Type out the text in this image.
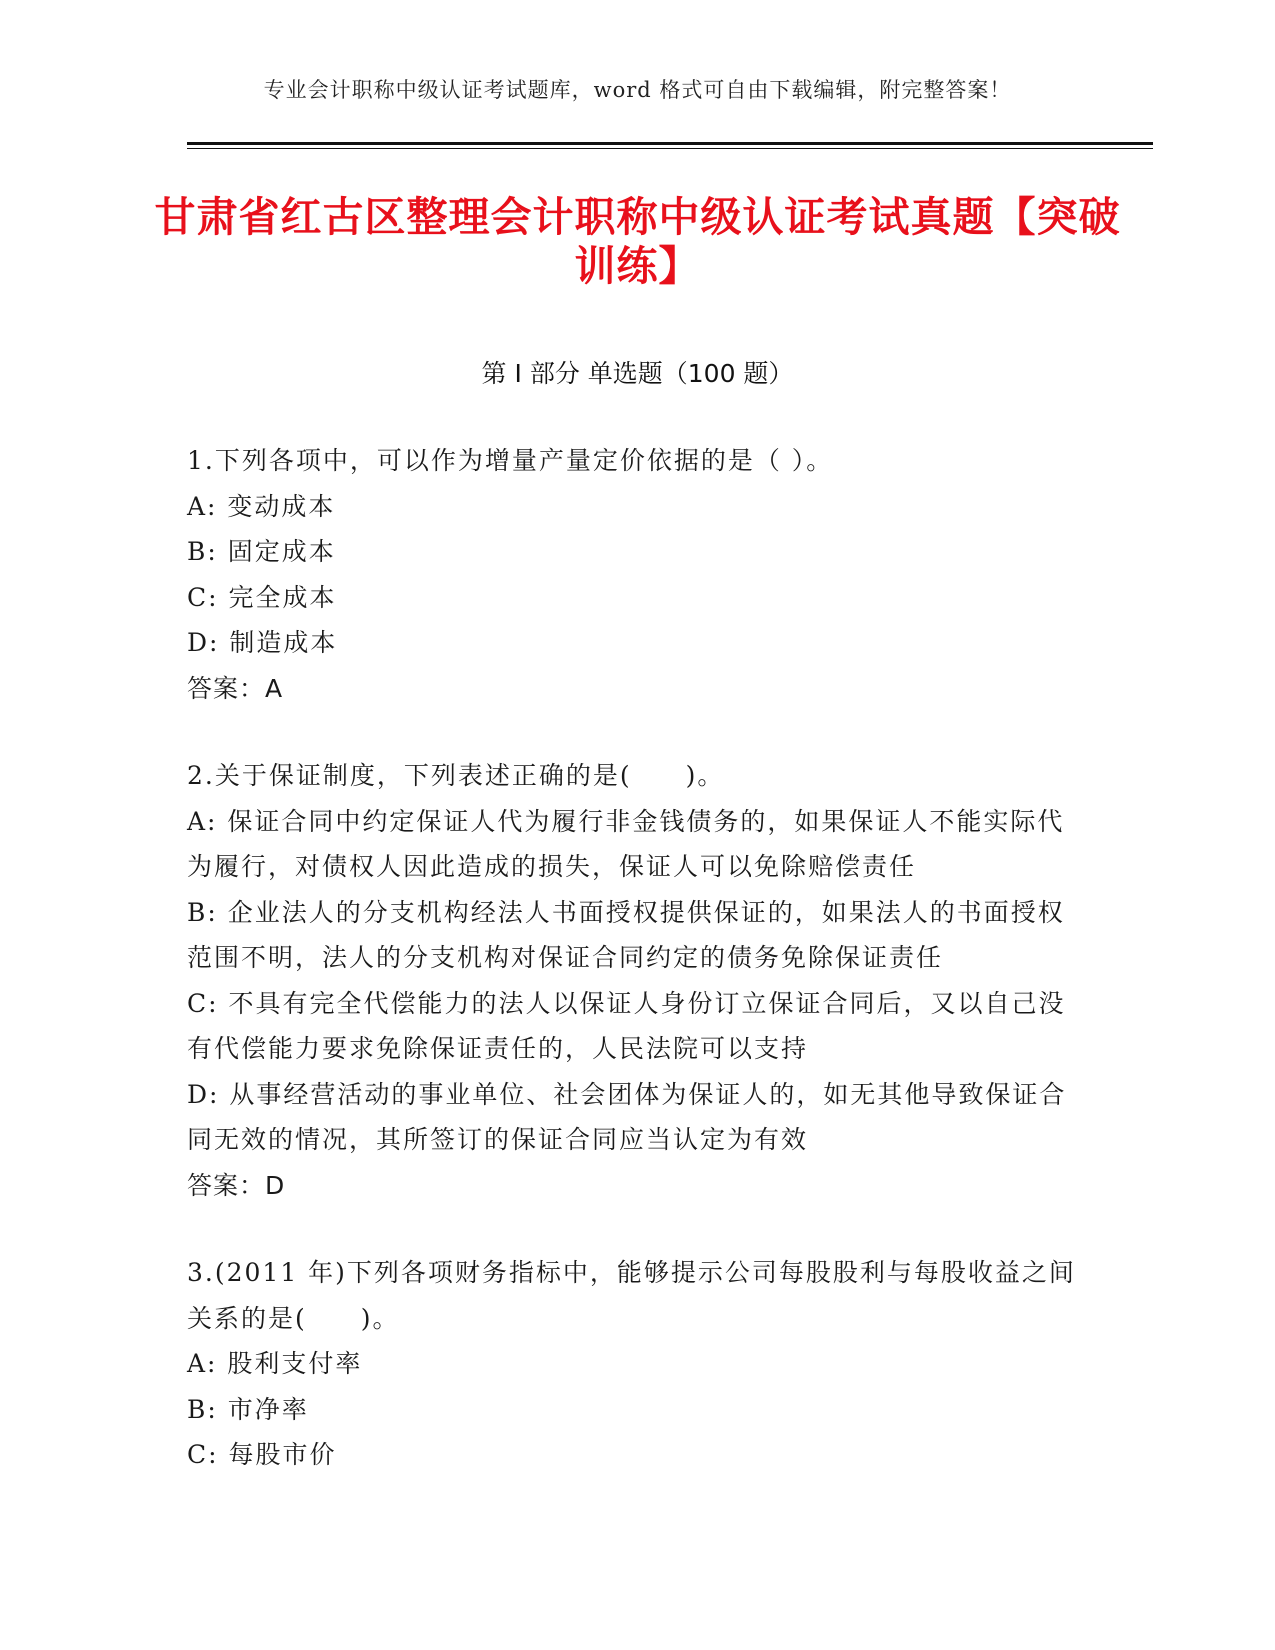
专业会计职称中级认证考试题库，word 格式可自由下载编辑，附完整答案！
甘肃省红古区整理会计职称中级认证考试真题【突破训练】
第 I 部分 单选题（100 题）
1.下列各项中，可以作为增量产量定价依据的是（ ）。
A: 变动成本
B: 固定成本
C: 完全成本
D: 制造成本
答案：A
2.关于保证制度，下列表述正确的是(　　)。
A: 保证合同中约定保证人代为履行非金钱债务的，如果保证人不能实际代为履行，对债权人因此造成的损失，保证人可以免除赔偿责任
B: 企业法人的分支机构经法人书面授权提供保证的，如果法人的书面授权范围不明，法人的分支机构对保证合同约定的债务免除保证责任
C: 不具有完全代偿能力的法人以保证人身份订立保证合同后，又以自己没有代偿能力要求免除保证责任的，人民法院可以支持
D: 从事经营活动的事业单位、社会团体为保证人的，如无其他导致保证合同无效的情况，其所签订的保证合同应当认定为有效
答案：D
3.(2011 年)下列各项财务指标中，能够提示公司每股股利与每股收益之间关系的是(　　)。
A: 股利支付率
B: 市净率
C: 每股市价
